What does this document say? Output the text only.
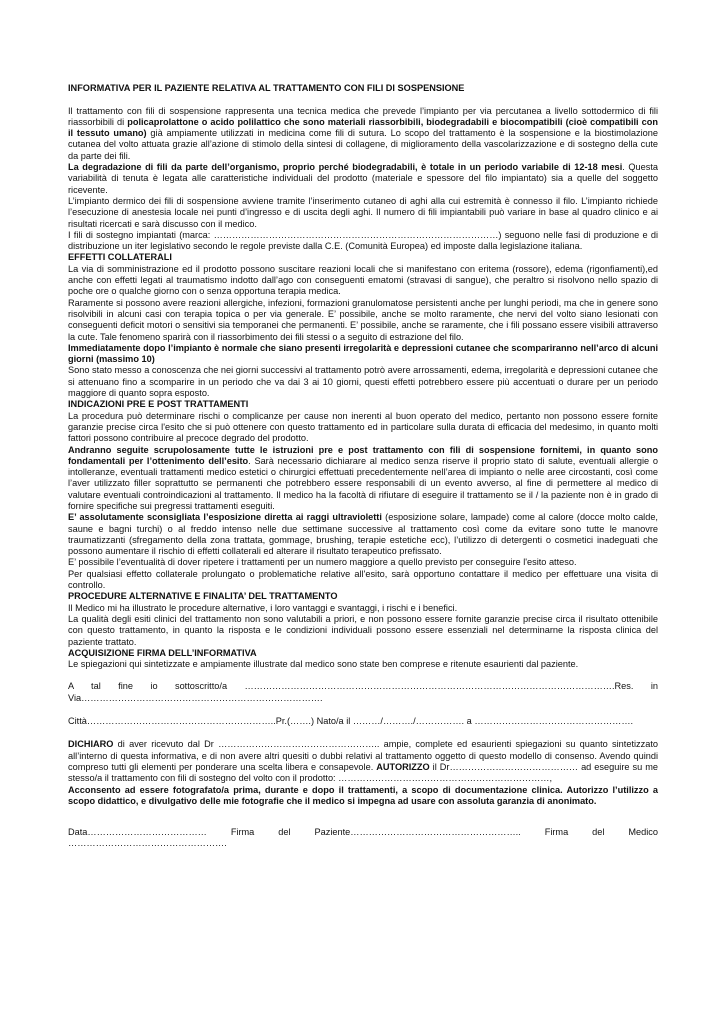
INFORMATIVA PER IL PAZIENTE RELATIVA AL TRATTAMENTO CON FILI DI SOSPENSIONE

Il trattamento con fili di sospensione rappresenta una tecnica medica che prevede l’impianto per via percutanea a livello sottodermico di fili riassorbibili di policaprolattone o acido polilattico che sono materiali riassorbibili, biodegradabili e biocompatibili (cioè compatibili con il tessuto umano) già ampiamente utilizzati in medicina come fili di sutura. Lo scopo del trattamento è la sospensione e la biostimolazione cutanea del volto attuata grazie all’azione di stimolo della sintesi di collagene, di miglioramento della vascolarizzazione e di sostegno della cute da parte dei fili.

La degradazione di fili da parte dell’organismo, proprio perché biodegradabili, è totale in un periodo variabile di 12-18 mesi. Questa variabilità di tenuta è legata alle caratteristiche individuali del prodotto (materiale e spessore del filo impiantato) sia a quelle del soggetto ricevente.

L’impianto dermico dei fili di sospensione avviene tramite l’inserimento cutaneo di aghi alla cui estremità è connesso il filo. L’impianto richiede l’esecuzione di anestesia locale nei punti d’ingresso e di uscita degli aghi. Il numero di fili impiantabili può variare in base al quadro clinico e ai risultati ricercati e sarà discusso con il medico.

I fili di sostegno impiantati (marca: …………………………………………………………………………………) seguono nelle fasi di produzione e di distribuzione un iter legislativo secondo le regole previste dalla C.E. (Comunità Europea) ed imposte dalla legislazione italiana.

EFFETTI COLLATERALI

La via di somministrazione ed il prodotto possono suscitare reazioni locali che si manifestano con eritema (rossore), edema (rigonfiamenti),ed anche con effetti legati al traumatismo indotto dall’ago con conseguenti ematomi (stravasi di sangue), che peraltro si risolvono nello spazio di poche ore o qualche giorno con o senza opportuna terapia medica.

Raramente si possono avere reazioni allergiche, infezioni, formazioni granulomatose persistenti anche per lunghi periodi, ma che in genere sono risolvibili in alcuni casi con terapia topica o per via generale. E’ possibile, anche se molto raramente, che nervi del volto siano lesionati con conseguenti deficit motori o sensitivi sia temporanei che permanenti. E’ possibile, anche se raramente, che i fili possano essere visibili attraverso la cute. Tale fenomeno sparirà con il riassorbimento dei fili stessi o a seguito di estrazione del filo.

Immediatamente dopo l’impianto è normale che siano presenti irregolarità e depressioni cutanee che scompariranno nell’arco di alcuni giorni (massimo 10)

Sono stato messo a conoscenza che nei giorni successivi al trattamento potrò avere arrossamenti, edema, irregolarità e depressioni cutanee che si attenuano fino a scomparire in un periodo che va dai 3 ai 10 giorni, questi effetti potrebbero essere più accentuati o durare per un periodo maggiore di quanto sopra esposto.

INDICAZIONI PRE E POST TRATTAMENTI

La procedura può determinare rischi o complicanze per cause non inerenti al buon operato del medico, pertanto non possono essere fornite garanzie precise circa l'esito che si può ottenere con questo trattamento ed in particolare sulla durata di efficacia del medesimo, in quanto molti fattori possono contribuire al precoce degrado del prodotto.

Andranno seguite scrupolosamente tutte le istruzioni pre e post trattamento con fili di sospensione fornitemi, in quanto sono fondamentali per l’ottenimento dell’esito. Sarà necessario dichiarare al medico senza riserve il proprio stato di salute, eventuali allergie o intolleranze, eventuali trattamenti medico estetici o chirurgici effettuati precedentemente nell’area di impianto o nelle aree circostanti, così come l’aver utilizzato filler soprattutto se permanenti che potrebbero essere responsabili di un evento avverso, al fine di permettere al medico di valutare eventuali controindicazioni al trattamento. Il medico ha la facoltà di rifiutare di eseguire il trattamento se il / la paziente non è in grado di fornire specifiche sui pregressi trattamenti eseguiti.

E’ assolutamente sconsigliata l’esposizione diretta ai raggi ultravioletti (esposizione solare, lampade) come al calore (docce molto calde, saune e bagni turchi) o al freddo intenso nelle due settimane successive al trattamento così come da evitare sono tutte le manovre traumatizzanti (sfregamento della zona trattata, gommage, brushing, terapie estetiche ecc), l’utilizzo di detergenti o cosmetici inadeguati che possono aumentare il rischio di effetti collaterali ed alterare il risultato terapeutico prefissato.

E’ possibile l’eventualità di dover ripetere i trattamenti per un numero maggiore a quello previsto per conseguire l'esito atteso.

Per qualsiasi effetto collaterale prolungato o problematiche relative all'esito, sarà opportuno contattare il medico per effettuare una visita di controllo.

PROCEDURE ALTERNATIVE E FINALITA’ DEL TRATTAMENTO

Il Medico mi ha illustrato le procedure alternative, i loro vantaggi e svantaggi, i rischi e i benefici.

La qualità degli esiti clinici del trattamento non sono valutabili a priori, e non possono essere fornite garanzie precise circa il risultato ottenibile con questo trattamento, in quanto la risposta e le condizioni individuali possono essere essenziali nel determinarne la risposta clinica del paziente trattato.

ACQUISIZIONE FIRMA DELL’INFORMATIVA

Le spiegazioni qui sintetizzate e ampiamente illustrate dal medico sono state ben comprese e ritenute esaurienti dal paziente.

A tal fine io sottoscritto/a ………………………………………………………………………………………………………….Res. in Via…………………………………………………………………….

Città……………………………………………………..Pr.(…….) Nato/a il ………/………./……………. a …………………………………………….

DICHIARO di aver ricevuto dal Dr …………………………………………….. ampie, complete ed esaurienti spiegazioni su quanto sintetizzato all’interno di questa informativa, e di non avere altri quesiti o dubbi relativi al trattamento oggetto di questo modello di consenso. Avendo quindi compreso tutti gli elementi per ponderare una scelta libera e consapevole. AUTORIZZO il Dr…………………………………… ad eseguire su me stesso/a il trattamento con fili di sostegno del volto con il prodotto: ……………………………………………………………,

Acconsento ad essere fotografato/a prima, durante e dopo il trattamenti, a scopo di documentazione clinica. Autorizzo l’utilizzo a scopo didattico, e divulgativo delle mie fotografie che il medico si impegna ad usare con assoluta garanzia di anonimato.

Data………………………………… Firma del Paziente……………………………………………….. Firma del Medico …………………………………………….
